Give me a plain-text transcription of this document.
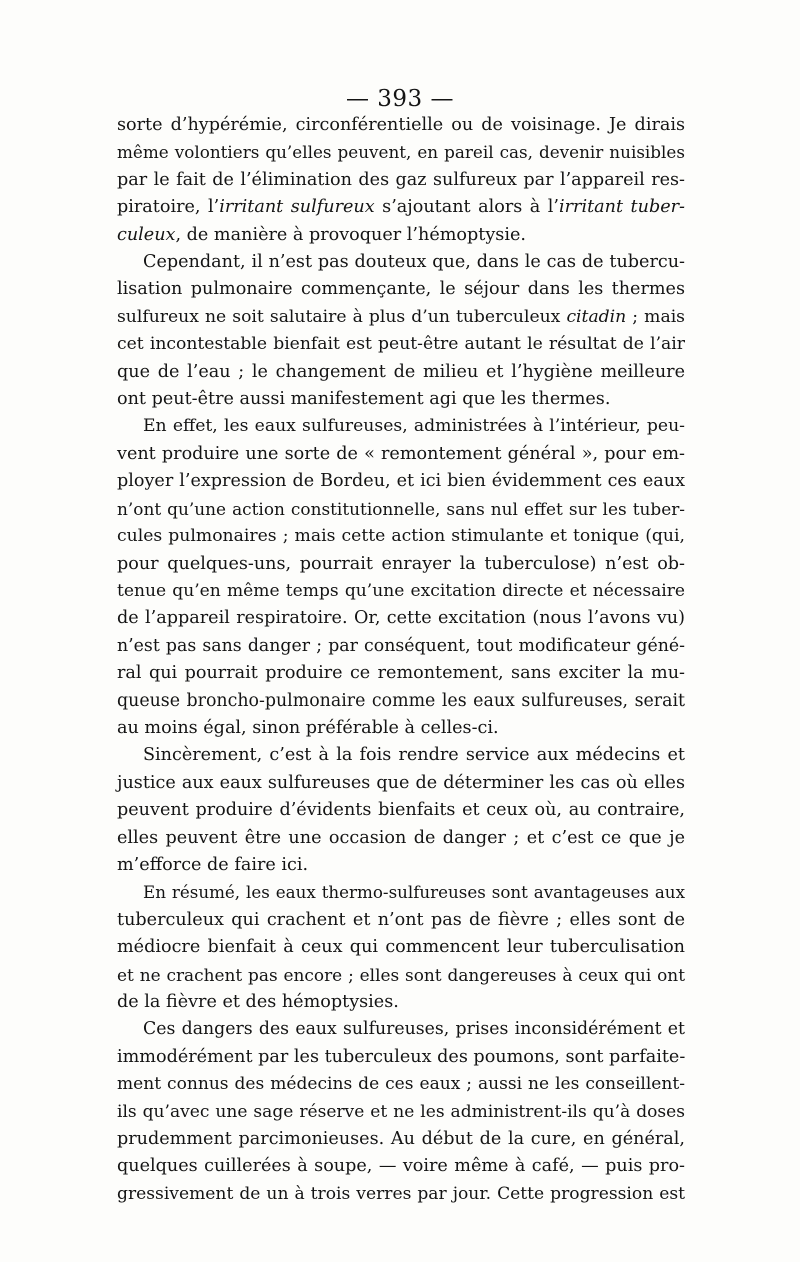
— 393 —

sorte d’hypérémie, circonférentielle ou de voisinage. Je dirais
même volontiers qu’elles peuvent, en pareil cas, devenir nuisibles
par le fait de l’élimination des gaz sulfureux par l’appareil res-
piratoire, l’irritant sulfureux s’ajoutant alors à l’irritant tuber-
culeux, de manière à provoquer l’hémoptysie.

Cependant, il n’est pas douteux que, dans le cas de tubercu-
lisation pulmonaire commençante, le séjour dans les thermes
sulfureux ne soit salutaire à plus d’un tuberculeux citadin ; mais
cet incontestable bienfait est peut-être autant le résultat de l’air
que de l’eau ; le changement de milieu et l’hygiène meilleure
ont peut-être aussi manifestement agi que les thermes.

En effet, les eaux sulfureuses, administrées à l’intérieur, peu-
vent produire une sorte de « remontement général », pour em-
ployer l’expression de Bordeu, et ici bien évidemment ces eaux
n’ont qu’une action constitutionnelle, sans nul effet sur les tuber-
cules pulmonaires ; mais cette action stimulante et tonique (qui,
pour quelques-uns, pourrait enrayer la tuberculose) n’est ob-
tenue qu’en même temps qu’une excitation directe et nécessaire
de l’appareil respiratoire. Or, cette excitation (nous l’avons vu)
n’est pas sans danger ; par conséquent, tout modificateur géné-
ral qui pourrait produire ce remontement, sans exciter la mu-
queuse broncho-pulmonaire comme les eaux sulfureuses, serait
au moins égal, sinon préférable à celles-ci.

Sincèrement, c’est à la fois rendre service aux médecins et
justice aux eaux sulfureuses que de déterminer les cas où elles
peuvent produire d’évidents bienfaits et ceux où, au contraire,
elles peuvent être une occasion de danger ; et c’est ce que je
m’efforce de faire ici.

En résumé, les eaux thermo-sulfureuses sont avantageuses aux
tuberculeux qui crachent et n’ont pas de fièvre ; elles sont de
médiocre bienfait à ceux qui commencent leur tuberculisation
et ne crachent pas encore ; elles sont dangereuses à ceux qui ont
de la fièvre et des hémoptysies.

Ces dangers des eaux sulfureuses, prises inconsidérément et
immodérément par les tuberculeux des poumons, sont parfaite-
ment connus des médecins de ces eaux ; aussi ne les conseillent-
ils qu’avec une sage réserve et ne les administrent-ils qu’à doses
prudemment parcimonieuses. Au début de la cure, en général,
quelques cuillerées à soupe, — voire même à café, — puis pro-
gressivement de un à trois verres par jour. Cette progression est
